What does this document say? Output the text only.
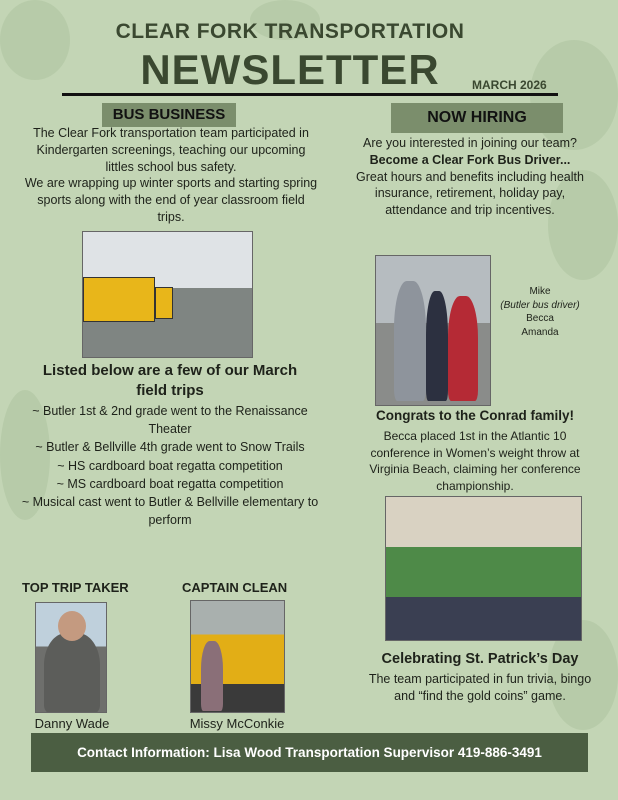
CLEAR FORK TRANSPORTATION
NEWSLETTER	MARCH 2026
BUS BUSINESS

The Clear Fork transportation team participated in Kindergarten screenings, teaching our upcoming littles school bus safety.

We are wrapping up winter sports and starting spring sports along with the end of year classroom field trips.

Listed below are a few of our March field trips

~ Butler 1st & 2nd grade went to the Renaissance Theater

~ Butler & Bellville 4th grade went to Snow Trails

~ HS cardboard boat regatta competition

~ MS cardboard boat regatta competition

~ Musical cast went to Butler & Bellville elementary to perform

TOP TRIP TAKER	CAPTAIN CLEAN
Danny Wade	Missy McConkie
NOW HIRING

Are you interested in joining our team?

Become a Clear Fork Bus Driver...

Great hours and benefits including health insurance, retirement, holiday pay, attendance and trip incentives.

Mike

(Butler bus driver)

Becca

Amanda

Congrats to the Conrad family!
Becca placed 1st in the Atlantic 10 conference in Women’s weight throw at Virginia Beach, claiming her conference championship.
Celebrating St. Patrick’s Day
The team participated in fun trivia, bingo and “find the gold coins” game.
Contact Information: Lisa Wood Transportation Supervisor 419-886-3491
